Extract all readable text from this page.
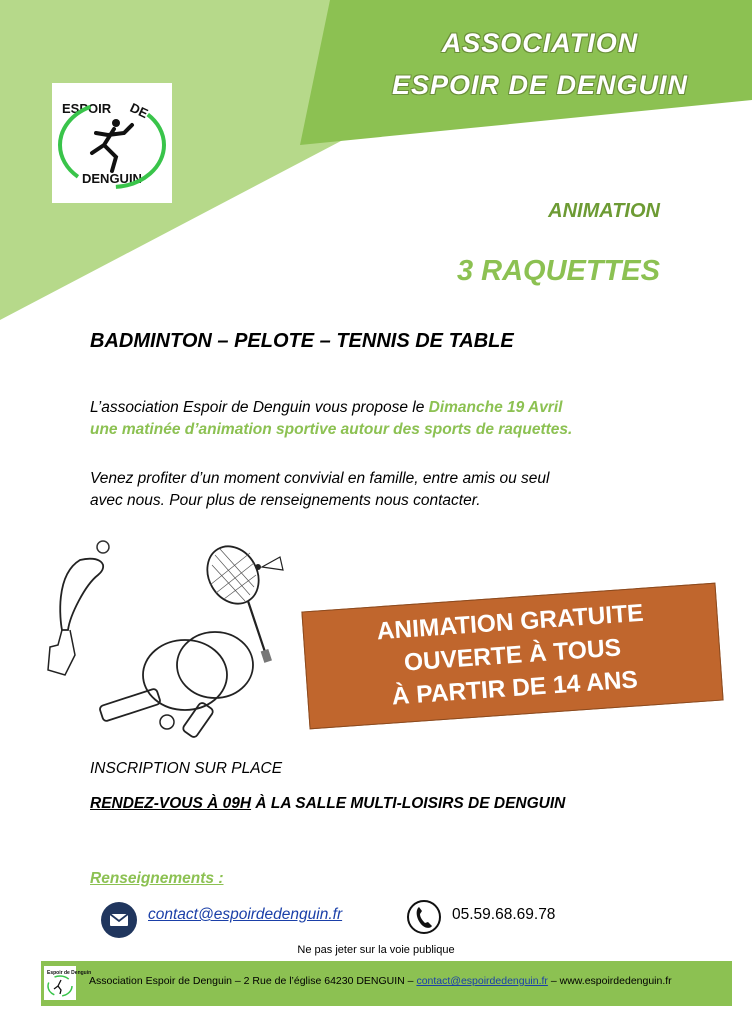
ASSOCIATION
ESPOIR DE DENGUIN
ESPOIR DE
DENGUIN
ANIMATION
3 RAQUETTES
BADMINTON – PELOTE – TENNIS DE TABLE
L’association Espoir de Denguin vous propose le Dimanche 19 Avril
une matinée d’animation sportive autour des sports de raquettes.
Venez profiter d’un moment convivial en famille, entre amis ou seul
avec nous. Pour plus de renseignements nous contacter.
ANIMATION GRATUITE
OUVERTE À TOUS
À PARTIR DE 14 ANS
INSCRIPTION SUR PLACE
RENDEZ-VOUS À 09H À LA SALLE MULTI-LOISIRS DE DENGUIN
Renseignements :
contact@espoirdedenguin.fr	05.59.68.69.78
Ne pas jeter sur la voie publique
Espoir de Denguin
Association Espoir de Denguin – 2 Rue de l’église 64230 DENGUIN – contact@espoirdedenguin.fr – www.espoirdedenguin.fr
